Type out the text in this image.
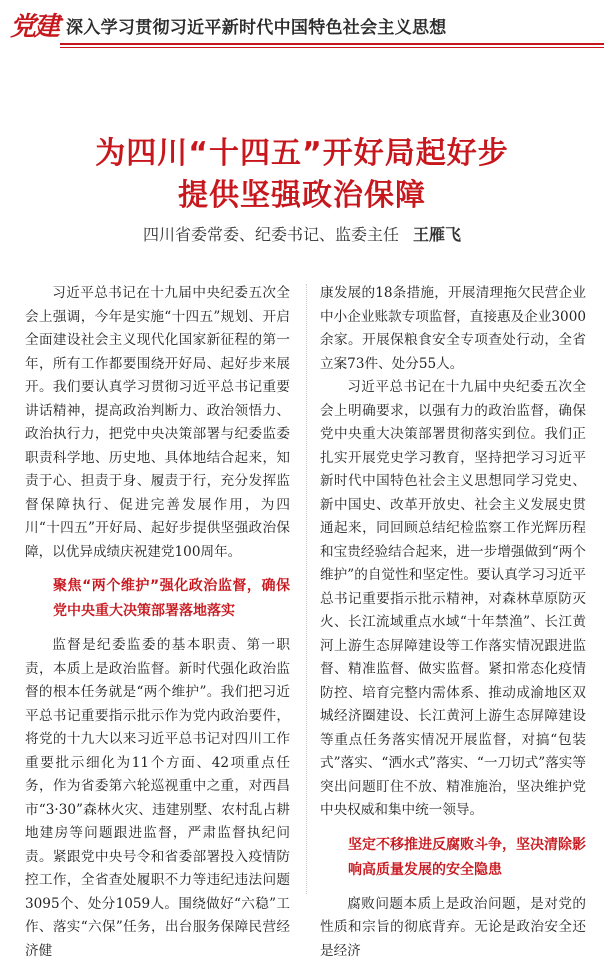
党建 深入学习贯彻习近平新时代中国特色社会主义思想
为四川“十四五”开好局起好步
提供坚强政治保障
四川省委常委、纪委书记、监委主任 王雁飞

习近平总书记在十九届中央纪委五次全会上强调，今年是实施“十四五”规划、开启全面建设社会主义现代化国家新征程的第一年，所有工作都要围绕开好局、起好步来展开。我们要认真学习贯彻习近平总书记重要讲话精神，提高政治判断力、政治领悟力、政治执行力，把党中央决策部署与纪委监委职责科学地、历史地、具体地结合起来，知责于心、担责于身、履责于行，充分发挥监督保障执行、促进完善发展作用，为四川“十四五”开好局、起好步提供坚强政治保障，以优异成绩庆祝建党100周年。

聚焦“两个维护”强化政治监督，确保党中央重大决策部署落地落实

监督是纪委监委的基本职责、第一职责，本质上是政治监督。新时代强化政治监督的根本任务就是“两个维护”。我们把习近平总书记重要指示批示作为党内政治要件，将党的十九大以来习近平总书记对四川工作重要批示细化为11个方面、42项重点任务，作为省委第六轮巡视重中之重，对西昌市“3·30”森林火灾、违建别墅、农村乱占耕地建房等问题跟进监督，严肃监督执纪问责。紧跟党中央号令和省委部署投入疫情防控工作，全省查处履职不力等违纪违法问题3095个、处分1059人。围绕做好“六稳”工作、落实“六保”任务，出台服务保障民营经济健

康发展的18条措施，开展清理拖欠民营企业中小企业账款专项监督，直接惠及企业3000余家。开展保粮食安全专项查处行动，全省立案73件、处分55人。

习近平总书记在十九届中央纪委五次全会上明确要求，以强有力的政治监督，确保党中央重大决策部署贯彻落实到位。我们正扎实开展党史学习教育，坚持把学习习近平新时代中国特色社会主义思想同学习党史、新中国史、改革开放史、社会主义发展史贯通起来，同回顾总结纪检监察工作光辉历程和宝贵经验结合起来，进一步增强做到“两个维护”的自觉性和坚定性。要认真学习习近平总书记重要指示批示精神，对森林草原防灭火、长江流域重点水域“十年禁渔”、长江黄河上游生态屏障建设等工作落实情况跟进监督、精准监督、做实监督。紧扣常态化疫情防控、培育完整内需体系、推动成渝地区双城经济圈建设、长江黄河上游生态屏障建设等重点任务落实情况开展监督，对搞“包装式”落实、“洒水式”落实、“一刀切式”落实等突出问题盯住不放、精准施治，坚决维护党中央权威和集中统一领导。

坚定不移推进反腐败斗争，坚决清除影响高质量发展的安全隐患

腐败问题本质上是政治问题，是对党的性质和宗旨的彻底背弃。无论是政治安全还是经济
